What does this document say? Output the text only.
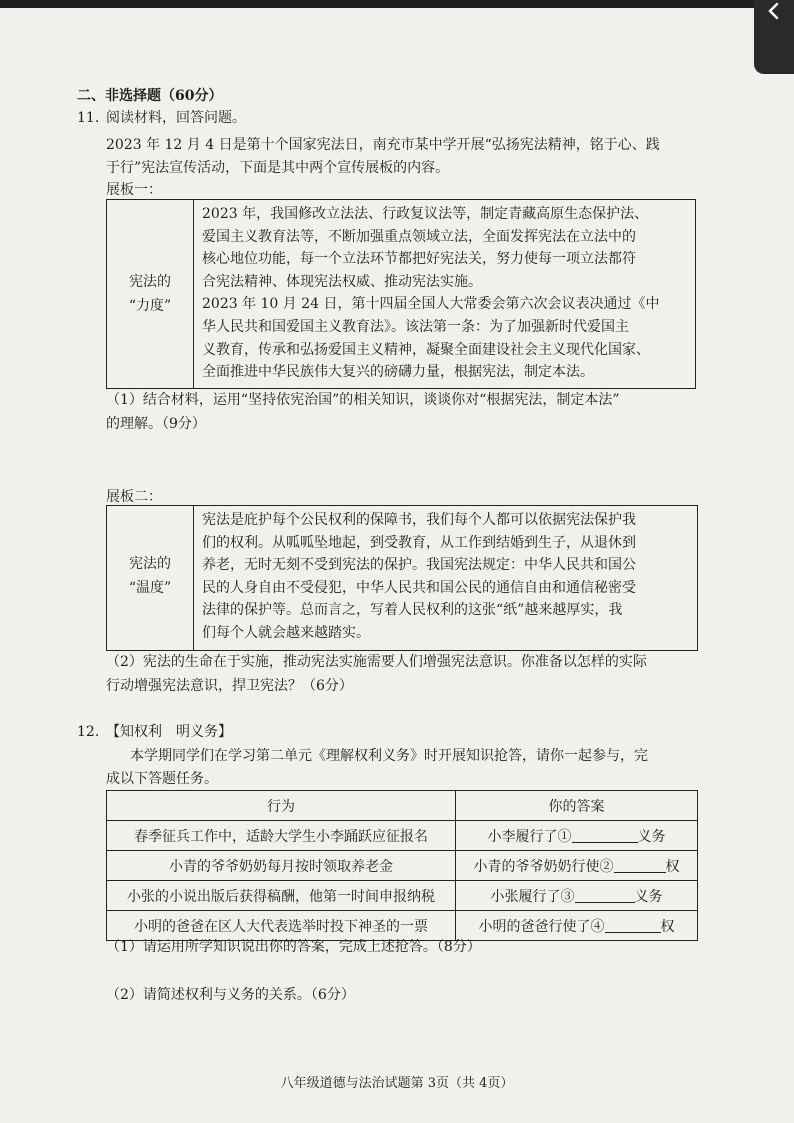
二、非选择题（60分）
11. 阅读材料，回答问题。
2023 年 12 月 4 日是第十个国家宪法日，南充市某中学开展“弘扬宪法精神，铭于心、践
于行”宪法宣传活动，下面是其中两个宣传展板的内容。
展板一：
宪法的
“力度”
2023 年，我国修改立法法、行政复议法等，制定青藏高原生态保护法、
爱国主义教育法等，不断加强重点领域立法，全面发挥宪法在立法中的
核心地位功能，每一个立法环节都把好宪法关，努力使每一项立法都符
合宪法精神、体现宪法权威、推动宪法实施。
2023 年 10 月 24 日，第十四届全国人大常委会第六次会议表决通过《中
华人民共和国爱国主义教育法》。该法第一条：为了加强新时代爱国主
义教育，传承和弘扬爱国主义精神，凝聚全面建设社会主义现代化国家、
全面推进中华民族伟大复兴的磅礴力量，根据宪法，制定本法。
（1）结合材料，运用“坚持依宪治国”的相关知识，谈谈你对“根据宪法，制定本法”
的理解。（9分）
展板二：
宪法的
“温度”
宪法是庇护每个公民权利的保障书，我们每个人都可以依据宪法保护我
们的权利。从呱呱坠地起，到受教育，从工作到结婚到生子，从退休到
养老，无时无刻不受到宪法的保护。我国宪法规定：中华人民共和国公
民的人身自由不受侵犯，中华人民共和国公民的通信自由和通信秘密受
法律的保护等。总而言之，写着人民权利的这张“纸”越来越厚实，我
们每个人就会越来越踏实。
（2）宪法的生命在于实施，推动宪法实施需要人们增强宪法意识。你准备以怎样的实际
行动增强宪法意识，捍卫宪法？（6分）
12. 【知权利　明义务】
本学期同学们在学习第二单元《理解权利义务》时开展知识抢答，请你一起参与，完
成以下答题任务。
行为	你的答案
春季征兵工作中，适龄大学生小李踊跃应征报名	小李履行了① 义务
小青的爷爷奶奶每月按时领取养老金	小青的爷爷奶奶行使② 权
小张的小说出版后获得稿酬，他第一时间申报纳税	小张履行了③ 义务
小明的爸爸在区人大代表选举时投下神圣的一票	小明的爸爸行使了④ 权
（1）请运用所学知识说出你的答案，完成上述抢答。（8分）
（2）请简述权利与义务的关系。（6分）
八年级道德与法治试题第 3页（共 4页）
